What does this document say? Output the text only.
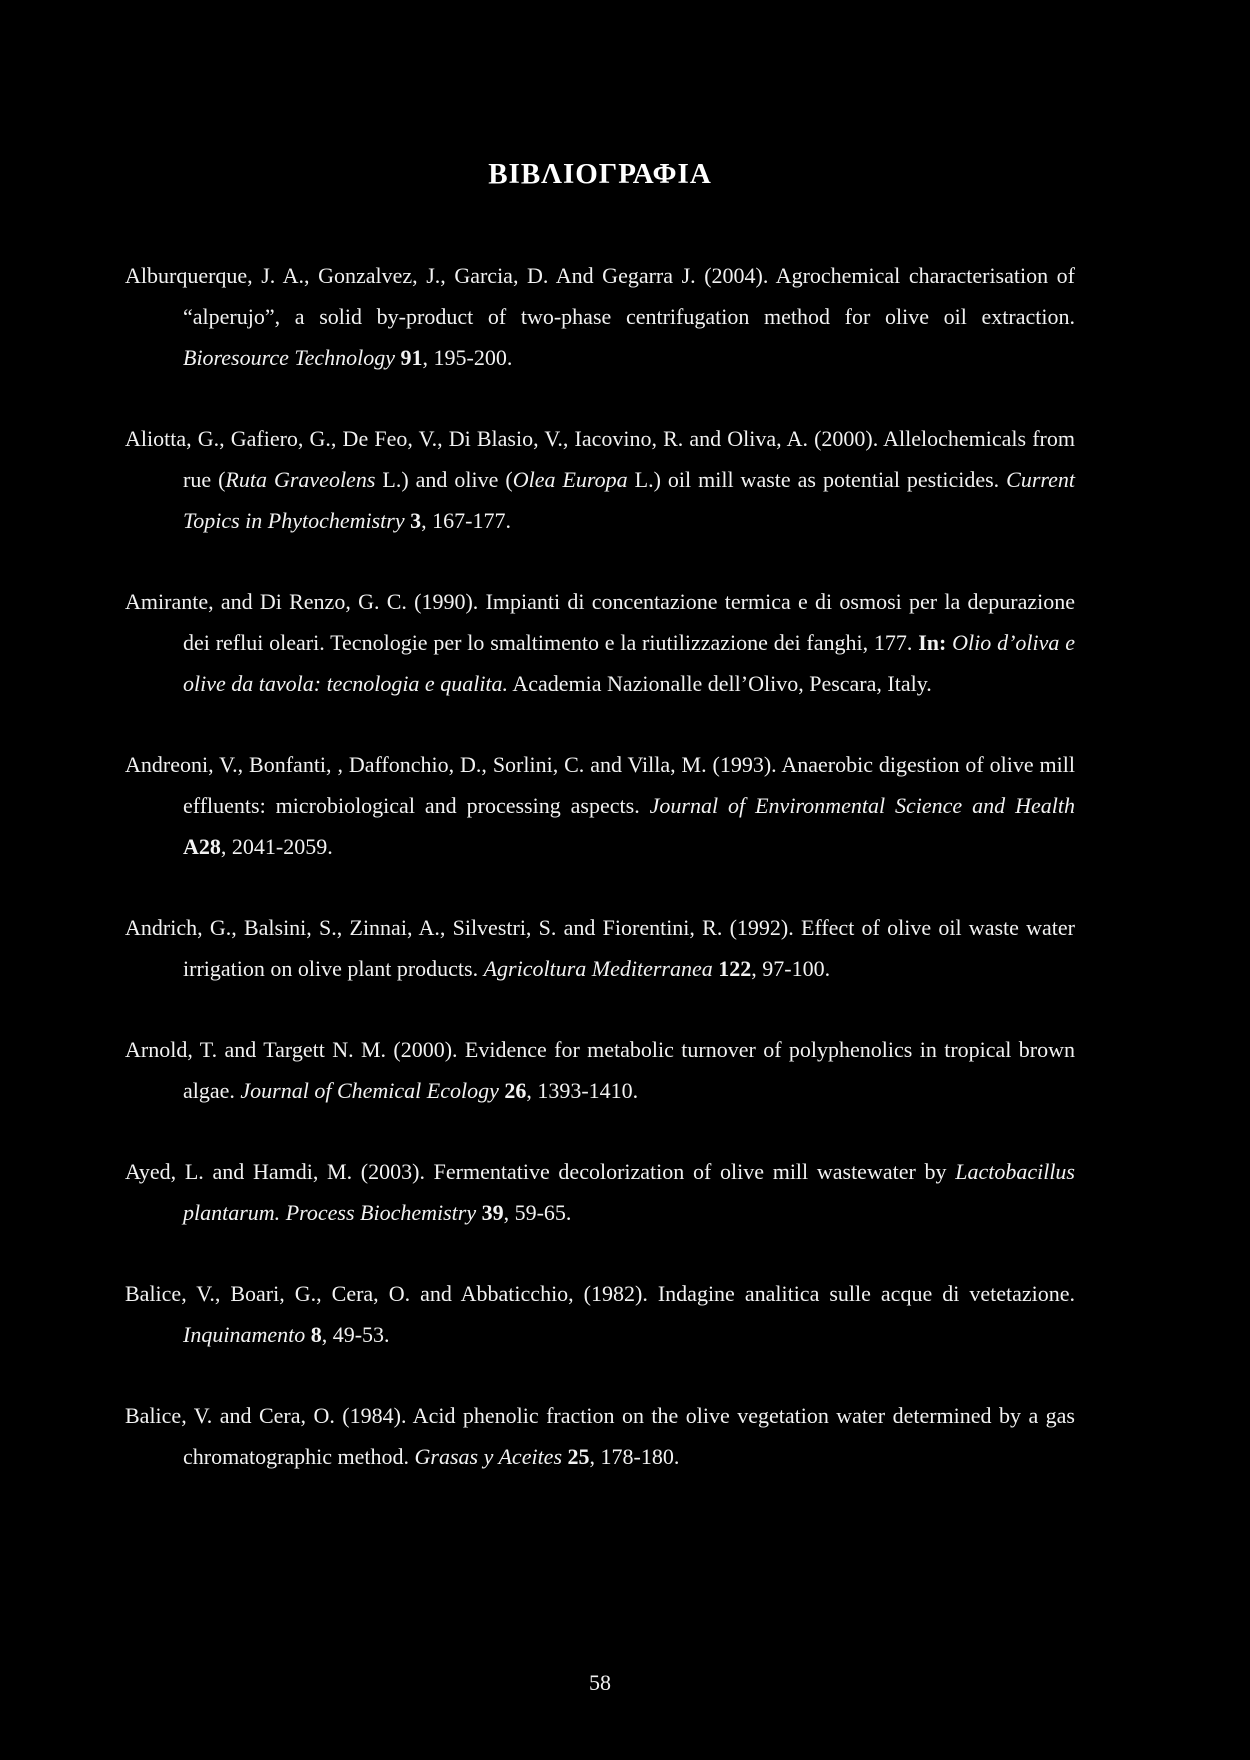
ΒΙΒΛΙΟΓΡΑΦΙΑ

Alburquerque, J. A., Gonzalvez, J., Garcia, D. And Gegarra J. (2004). Agrochemical characterisation of “alperujo”, a solid by-product of two-phase centrifugation method for olive oil extraction. Bioresource Technology 91, 195-200.

Aliotta, G., Gafiero, G., De Feo, V., Di Blasio, V., Iacovino, R. and Oliva, A. (2000). Allelochemicals from rue (Ruta Graveolens L.) and olive (Olea Europa L.) oil mill waste as potential pesticides. Current Topics in Phytochemistry 3, 167-177.

Amirante, and Di Renzo, G. C. (1990). Impianti di concentazione termica e di osmosi per la depurazione dei reflui oleari. Tecnologie per lo smaltimento e la riutilizzazione dei fanghi, 177. In: Olio d’oliva e olive da tavola: tecnologia e qualita. Academia Nazionalle dell’Olivo, Pescara, Italy.

Andreoni, V., Bonfanti, , Daffonchio, D., Sorlini, C. and Villa, M. (1993). Anaerobic digestion of olive mill effluents: microbiological and processing aspects. Journal of Environmental Science and Health A28, 2041-2059.

Andrich, G., Balsini, S., Zinnai, A., Silvestri, S. and Fiorentini, R. (1992). Effect of olive oil waste water irrigation on olive plant products. Agricoltura Mediterranea 122, 97-100.

Arnold, T. and Targett N. M. (2000). Evidence for metabolic turnover of polyphenolics in tropical brown algae. Journal of Chemical Ecology 26, 1393-1410.

Ayed, L. and Hamdi, M. (2003). Fermentative decolorization of olive mill wastewater by Lactobacillus plantarum. Process Biochemistry 39, 59-65.

Balice, V., Boari, G., Cera, O. and Abbaticchio, (1982). Indagine analitica sulle acque di vetetazione. Inquinamento 8, 49-53.

Balice, V. and Cera, O. (1984). Acid phenolic fraction on the olive vegetation water determined by a gas chromatographic method. Grasas y Aceites 25, 178-180.

58
